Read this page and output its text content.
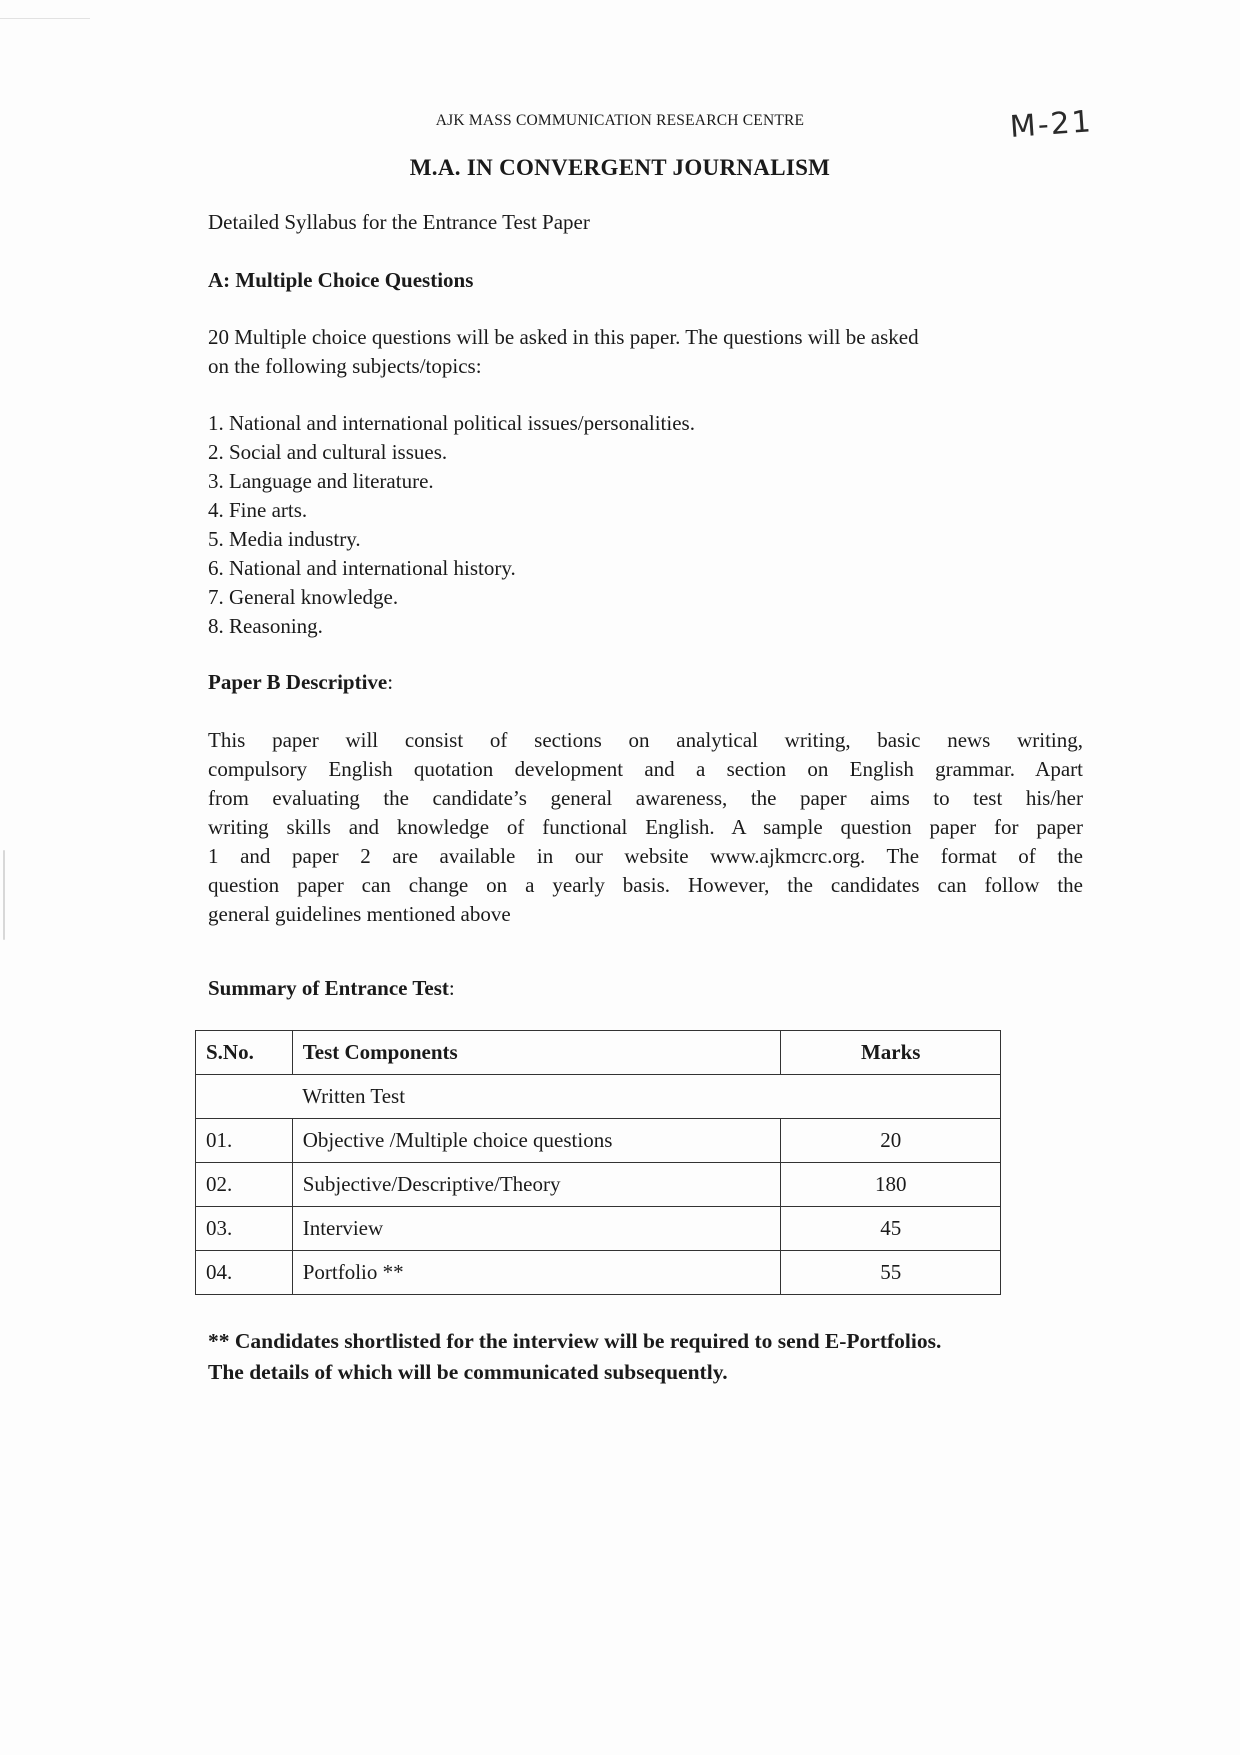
AJK MASS COMMUNICATION RESEARCH CENTRE
M.A. IN CONVERGENT JOURNALISM
M-21
Detailed Syllabus for the Entrance Test Paper
A: Multiple Choice Questions
20 Multiple choice questions will be asked in this paper. The questions will be asked
on the following subjects/topics:
1. National and international political issues/personalities.
2. Social and cultural issues.
3. Language and literature.
4. Fine arts.
5. Media industry.
6. National and international history.
7. General knowledge.
8. Reasoning.
Paper B Descriptive:
This paper will consist of sections on analytical writing, basic news writing,
compulsory English quotation development and a section on English grammar. Apart
from evaluating the candidate’s general awareness, the paper aims to test his/her
writing skills and knowledge of functional English. A sample question paper for paper
1 and paper 2 are available in our website www.ajkmcrc.org. The format of the
question paper can change on a yearly basis. However, the candidates can follow the
general guidelines mentioned above
Summary of Entrance Test:
S.No.	Test Components	Marks
	Written Test	
01.	Objective /Multiple choice questions	20
02.	Subjective/Descriptive/Theory	180
03.	Interview	45
04.	Portfolio **	55
** Candidates shortlisted for the interview will be required to send E-Portfolios.
The details of which will be communicated subsequently.
